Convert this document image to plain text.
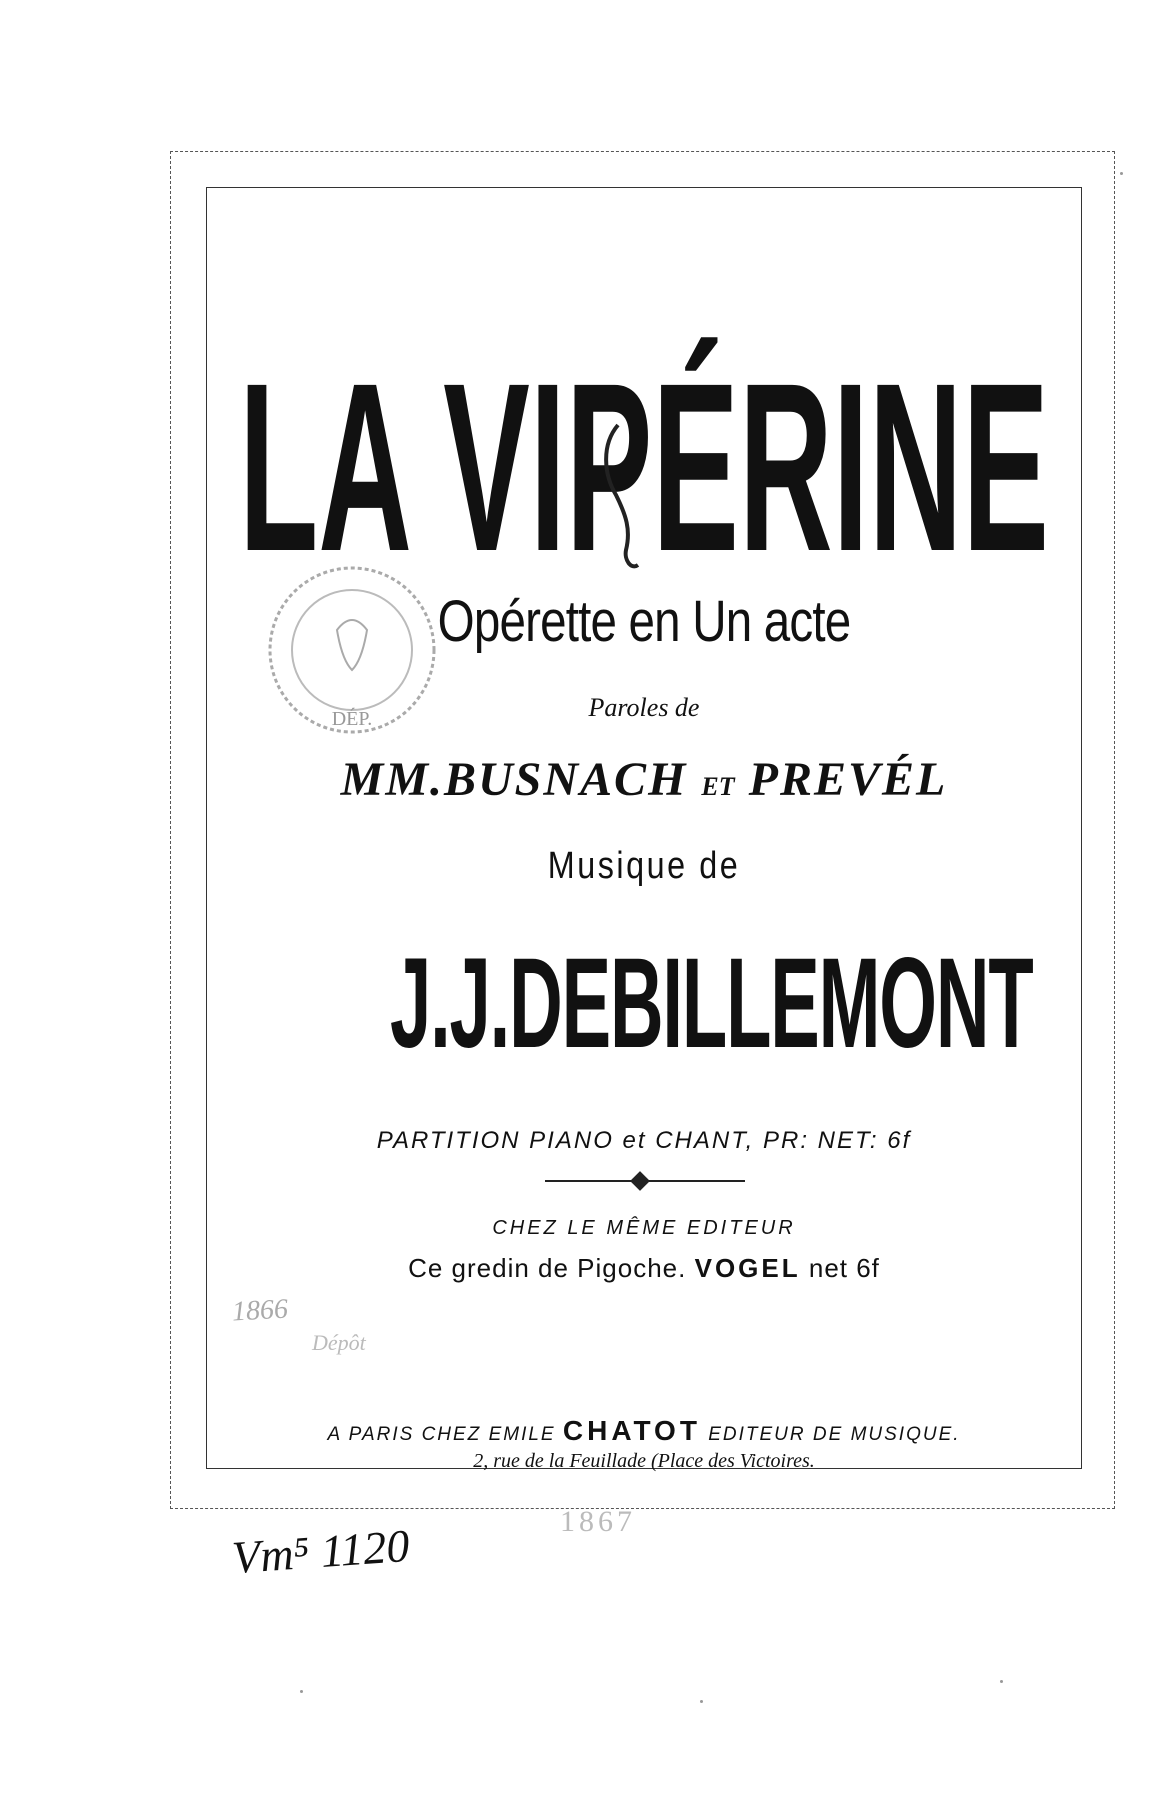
LA VIPÉRINE
DÉP.
Opérette en Un acte
Paroles de
MM.BUSNACH ET PREVÉL
Musique de
J.J.DEBILLEMONT
PARTITION PIANO et CHANT, PR: NET: 6f
CHEZ LE MÊME EDITEUR
Ce gredin de Pigoche. VOGEL net 6f
1866
Dépôt
A PARIS CHEZ EMILE CHATOT EDITEUR DE MUSIQUE.
2, rue de la Feuillade (Place des Victoires.
1867
Vm⁵ 1120
